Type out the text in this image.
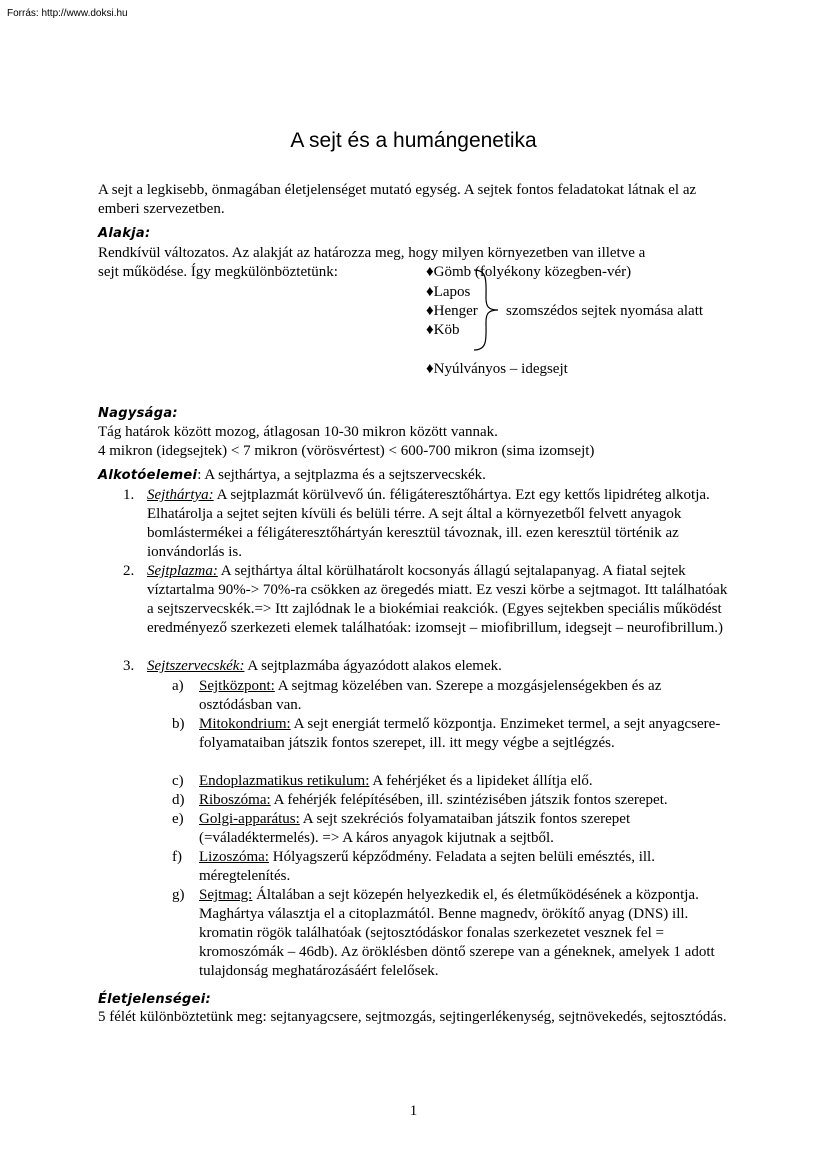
Forrás: http://www.doksi.hu
A sejt és a humángenetika
A sejt a legkisebb, önmagában életjelenséget mutató egység. A sejtek fontos feladatokat látnak el az emberi szervezetben.
Alakja:
Rendkívül változatos. Az alakját az határozza meg, hogy milyen környezetben van illetve a
sejt működése. Így megkülönböztetünk:	♦Gömb (folyékony közegben-vér)
♦Lapos
♦Henger
♦Köb
szomszédos sejtek nyomása alatt
♦Nyúlványos – idegsejt
Nagysága:
Tág határok között mozog, átlagosan 10-30 mikron között vannak.
4 mikron (idegsejtek) < 7 mikron (vörösvértest) < 600-700 mikron (sima izomsejt)
Alkotóelemei: A sejthártya, a sejtplazma és a sejtszervecskék.
1. Sejthártya: A sejtplazmát körülvevő ún. féligáteresztőhártya. Ezt egy kettős lipidréteg alkotja. Elhatárolja a sejtet sejten kívüli és belüli térre. A sejt által a környezetből felvett anyagok bomlástermékei a féligáteresztőhártyán keresztül távoznak, ill. ezen keresztül történik az ionvándorlás is.
2. Sejtplazma: A sejthártya által körülhatárolt kocsonyás állagú sejtalapanyag. A fiatal sejtek víztartalma 90%-> 70%-ra csökken az öregedés miatt. Ez veszi körbe a sejtmagot. Itt találhatóak a sejtszervecskék.=> Itt zajlódnak le a biokémiai reakciók. (Egyes sejtekben speciális működést eredményező szerkezeti elemek találhatóak: izomsejt – miofibrillum, idegsejt – neurofibrillum.)
3. Sejtszervecskék: A sejtplazmába ágyazódott alakos elemek.
a)	Sejtközpont: A sejtmag közelében van. Szerepe a mozgásjelenségekben és az osztódásban van.
b) Mitokondrium: A sejt energiát termelő központja. Enzimeket termel, a sejt anyagcsere-folyamataiban játszik fontos szerepet, ill. itt megy végbe a sejtlégzés.
c)	Endoplazmatikus retikulum: A fehérjéket és a lipideket állítja elő.
d) Riboszóma: A fehérjék felépítésében, ill. szintézisében játszik fontos szerepet.
e)	Golgi-apparátus: A sejt szekréciós folyamataiban játszik fontos szerepet (=váladéktermelés). => A káros anyagok kijutnak a sejtből.
f)	Lizoszóma: Hólyagszerű képződmény. Feladata a sejten belüli emésztés, ill. méregtelenítés.
g) Sejtmag: Általában a sejt közepén helyezkedik el, és életműködésének a központja. Maghártya választja el a citoplazmától. Benne magnedv, örökítő anyag (DNS) ill. kromatin rögök találhatóak (sejtosztódáskor fonalas szerkezetet vesznek fel = kromoszómák – 46db). Az öröklésben döntő szerepe van a géneknek, amelyek 1 adott tulajdonság meghatározásáért felelősek.
Életjelenségei:
5 félét különböztetünk meg: sejtanyagcsere, sejtmozgás, sejtingerlékenység, sejtnövekedés, sejtosztódás.
1
